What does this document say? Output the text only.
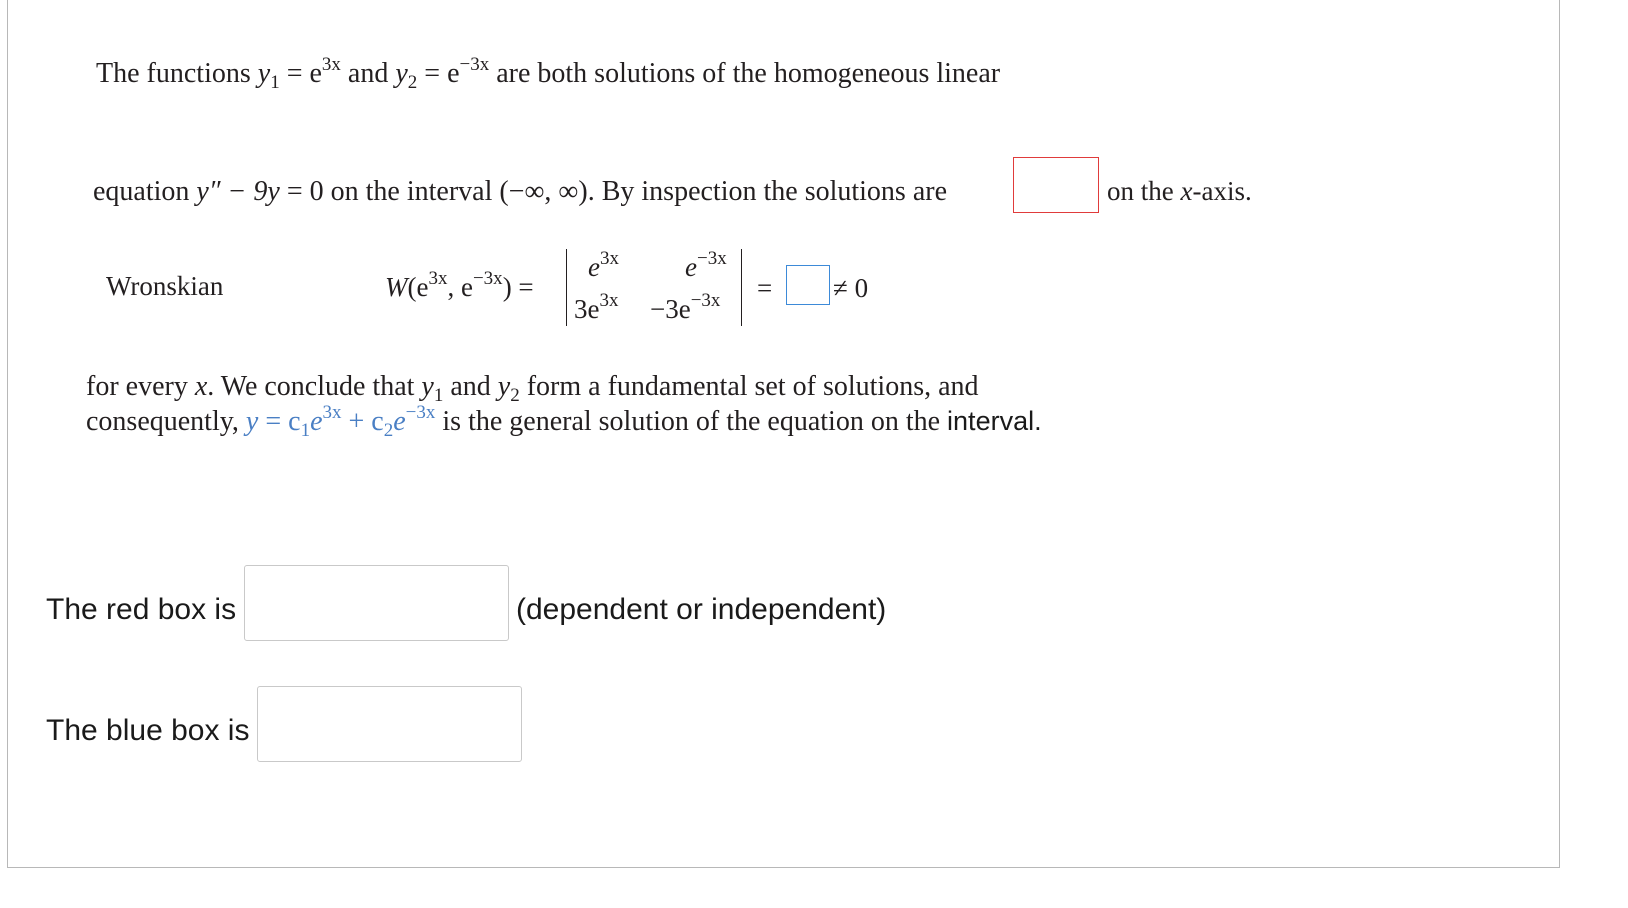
The functions $y_1 = e^{3x}$ and $y_2 = e^{-3x}$ are both solutions of the homogeneous linear
equation y″ − 9y = 0 on the interval (−∞, ∞). By inspection the solutions are	on the x-axis.
Wronskian	$W(e^{3x}$, $e^{-3x}$) =
$e^{3x}$ $e^{-3x}$
$3e^{3x} -3e^{-3x}$ = ≠ 0
for every x. We conclude that $y_1$ and $y_2$ form a fundamental set of solutions, and
consequently, $y = c_1e^{3x} + c_2e^{-3x}$ is the general solution of the equation on the interval.
The red box is	(dependent or independent)
The blue box is
